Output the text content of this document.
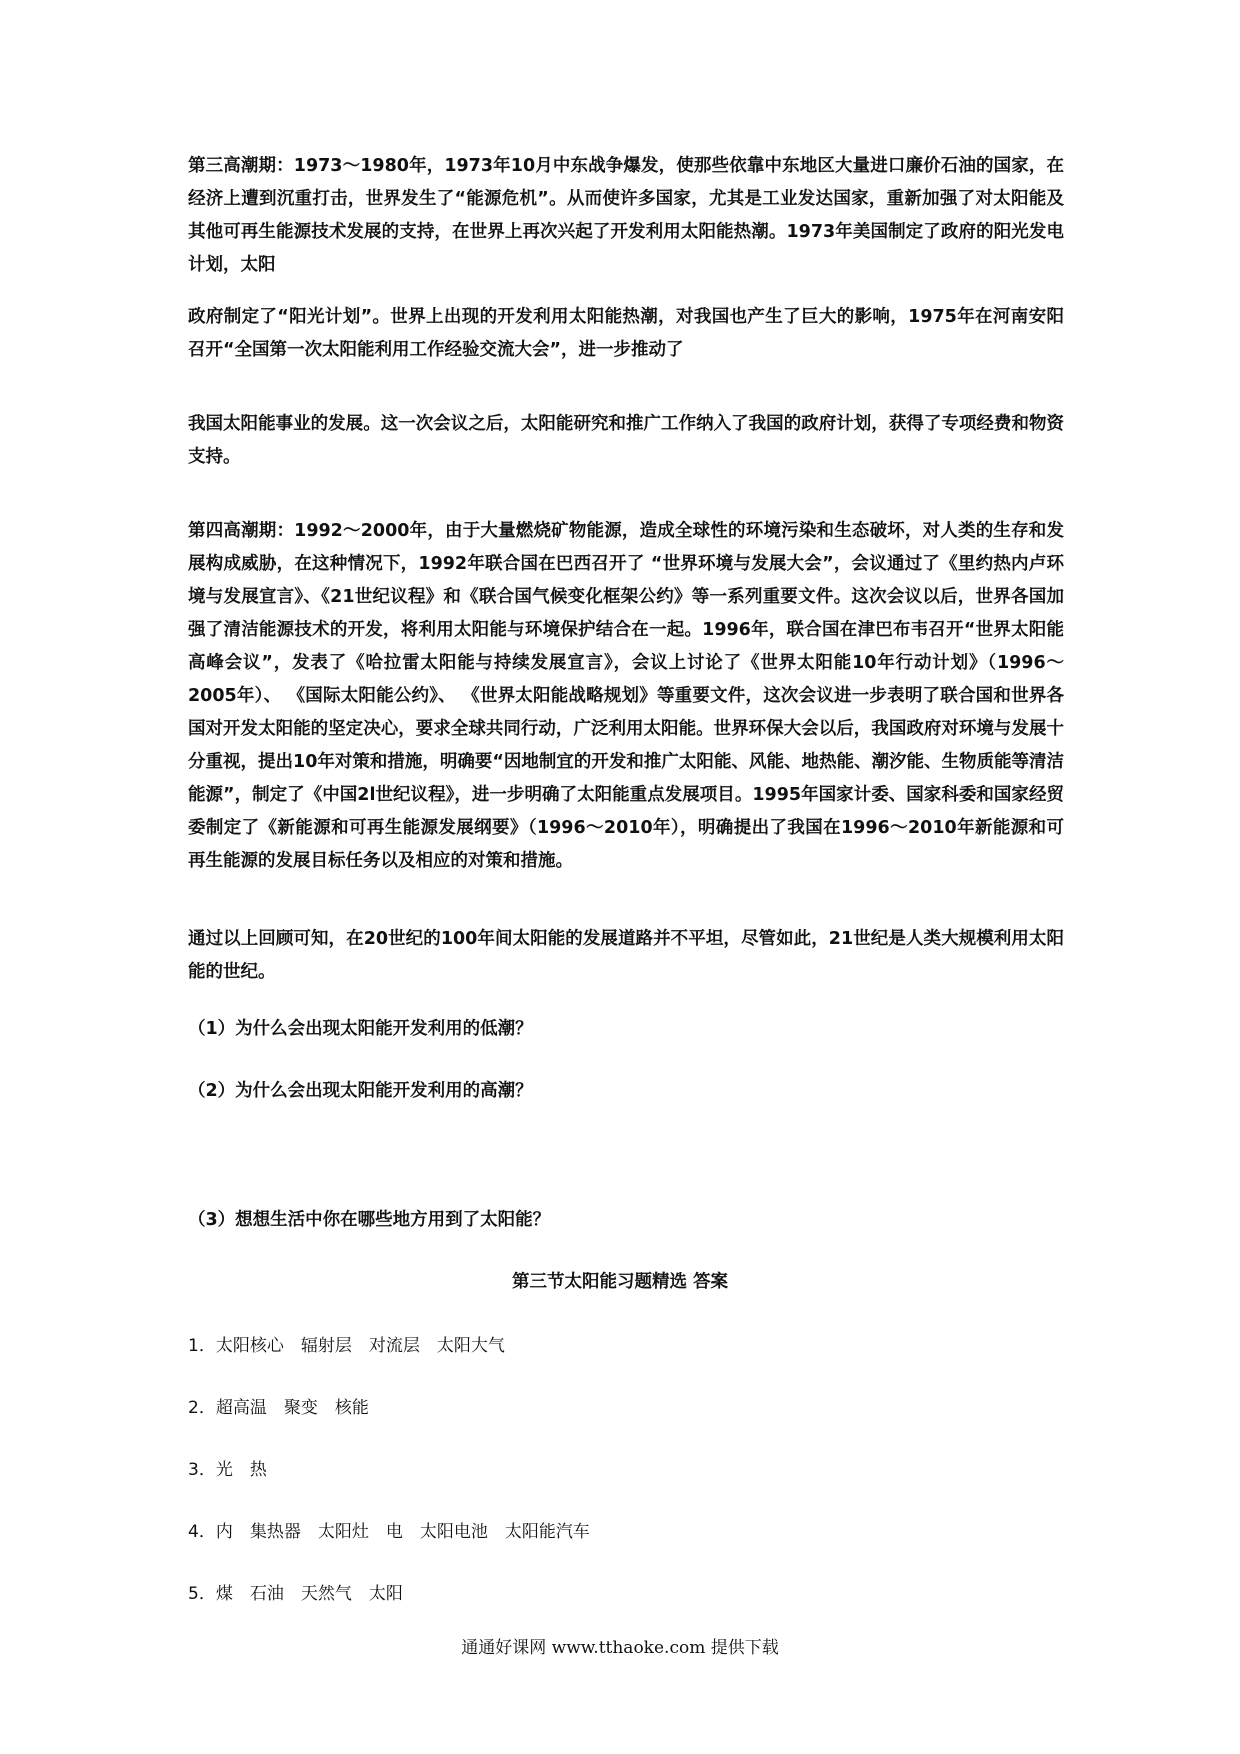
第三高潮期：1973～1980年，1973年10月中东战争爆发，使那些依靠中东地区大量进口廉价石油的国家，在经济上遭到沉重打击，世界发生了“能源危机”。从而使许多国家，尤其是工业发达国家，重新加强了对太阳能及其他可再生能源技术发展的支持，在世界上再次兴起了开发利用太阳能热潮。1973年美国制定了政府的阳光发电计划，太阳

政府制定了“阳光计划”。世界上出现的开发利用太阳能热潮，对我国也产生了巨大的影响，1975年在河南安阳召开“全国第一次太阳能利用工作经验交流大会”，进一步推动了

我国太阳能事业的发展。这一次会议之后，太阳能研究和推广工作纳入了我国的政府计划，获得了专项经费和物资支持。

第四高潮期：1992～2000年，由于大量燃烧矿物能源，造成全球性的环境污染和生态破坏，对人类的生存和发展构成威胁，在这种情况下，1992年联合国在巴西召开了 “世界环境与发展大会”，会议通过了《里约热内卢环境与发展宣言》、《21世纪议程》和《联合国气候变化框架公约》等一系列重要文件。这次会议以后，世界各国加强了清洁能源技术的开发，将利用太阳能与环境保护结合在一起。1996年，联合国在津巴布韦召开“世界太阳能高峰会议”，发表了《哈拉雷太阳能与持续发展宣言》，会议上讨论了《世界太阳能10年行动计划》（1996～2005年）、 《国际太阳能公约》、 《世界太阳能战略规划》等重要文件，这次会议进一步表明了联合国和世界各国对开发太阳能的坚定决心，要求全球共同行动，广泛利用太阳能。世界环保大会以后，我国政府对环境与发展十分重视，提出10年对策和措施，明确要“因地制宜的开发和推广太阳能、风能、地热能、潮汐能、生物质能等清洁能源”，制定了《中国2l世纪议程》，进一步明确了太阳能重点发展项目。1995年国家计委、国家科委和国家经贸委制定了《新能源和可再生能源发展纲要》（1996～2010年），明确提出了我国在1996～2010年新能源和可再生能源的发展目标任务以及相应的对策和措施。

通过以上回顾可知，在20世纪的100年间太阳能的发展道路并不平坦，尽管如此，21世纪是人类大规模利用太阳能的世纪。

（1）为什么会出现太阳能开发利用的低潮？

（2）为什么会出现太阳能开发利用的高潮？

（3）想想生活中你在哪些地方用到了太阳能？

第三节太阳能习题精选 答案
1．太阳核心　辐射层　对流层　太阳大气
2．超高温　聚变　核能
3．光　热
4．内　集热器　太阳灶　电　太阳电池　太阳能汽车
5．煤　石油　天然气　太阳
通通好课网 www.tthaoke.com 提供下载
